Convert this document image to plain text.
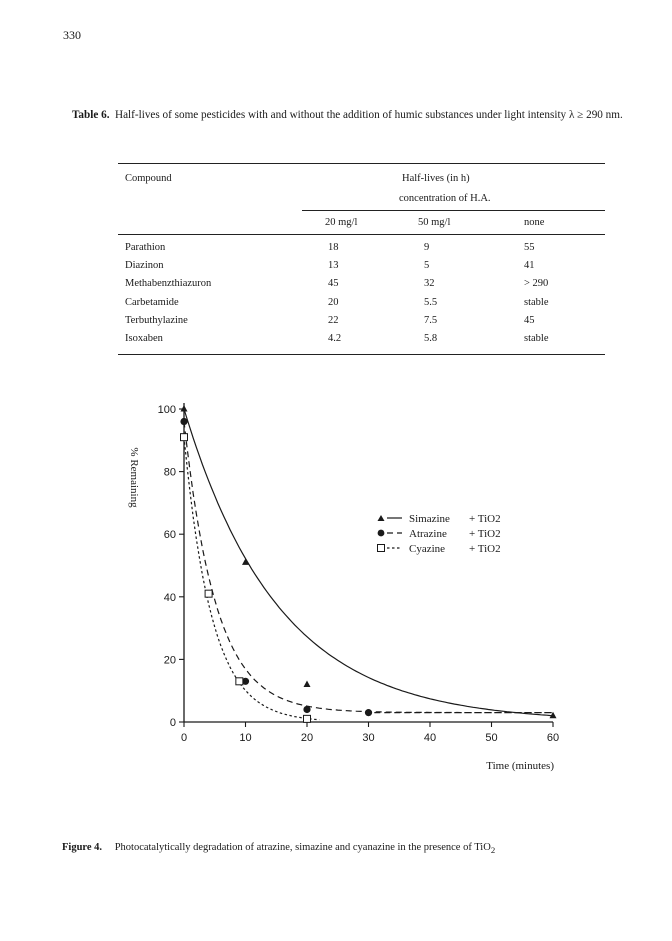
330
Table 6. Half-lives of some pesticides with and without the addition of humic substances under light intensity λ ≥ 290 nm.
Compound	Half-lives (in h)
concentration of H.A.
20 mg/l	50 mg/l	none
Parathion	18	9	55
Diazinon	13	5	41
Methabenzthiazuron	45	32	> 290
Carbetamide	20	5.5	stable
Terbuthylazine	22	7.5	45
Isoxaben	4.2	5.8	stable
0
20
40
60
80
100
0	10	20	30	40	50	60
Time (minutes)
% Remaining
Simazine + TiO2
Atrazine + TiO2
Cyazine + TiO2
Figure 4. Photocatalytically degradation of atrazine, simazine and cyanazine in the presence of TiO$_2$
